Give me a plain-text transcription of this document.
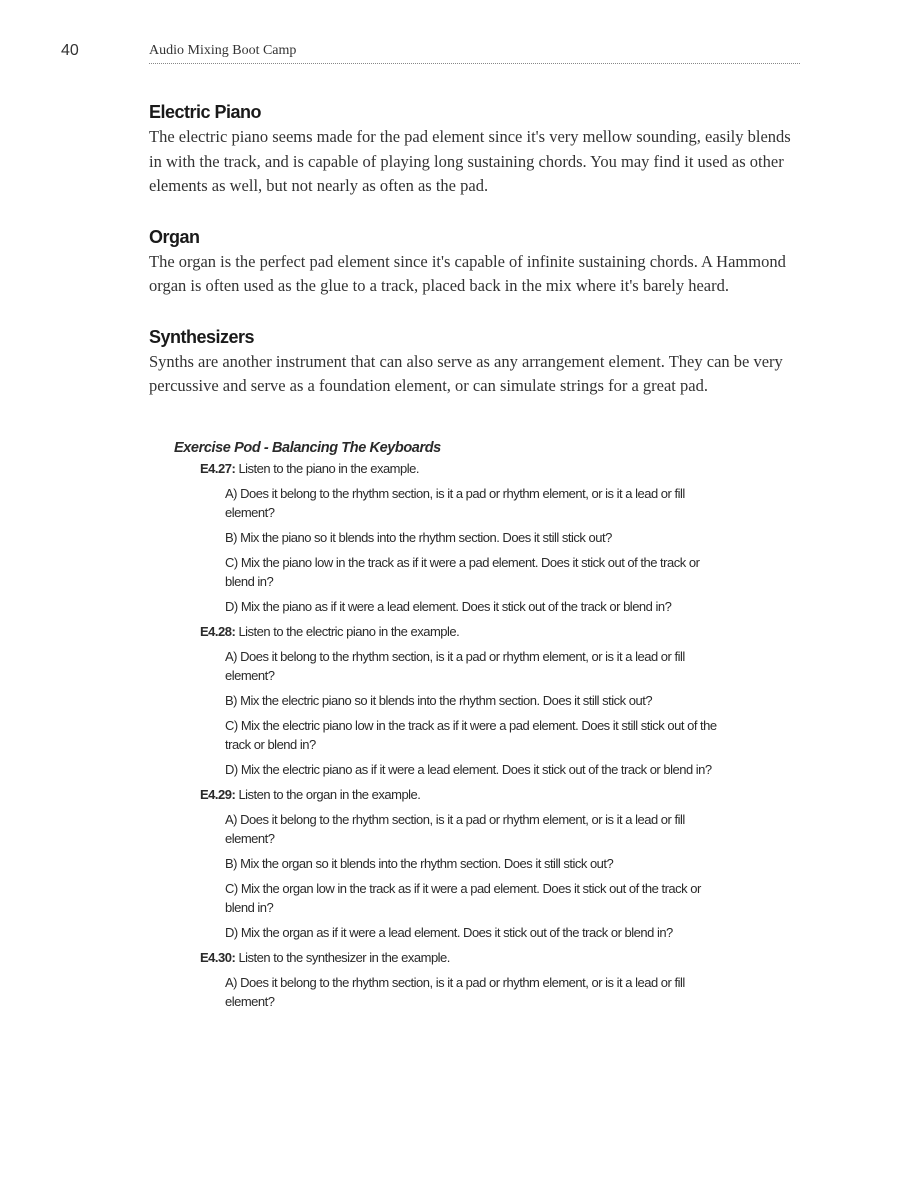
40	Audio Mixing Boot Camp
Electric Piano

The electric piano seems made for the pad element since it's very mellow sounding, easily blends in with the track, and is capable of playing long sustaining chords. You may find it used as other elements as well, but not nearly as often as the pad.

Organ

The organ is the perfect pad element since it's capable of infinite sustaining chords. A Hammond organ is often used as the glue to a track, placed back in the mix where it's barely heard.

Synthesizers

Synths are another instrument that can also serve as any arrangement element. They can be very percussive and serve as a foundation element, or can simulate strings for a great pad.

Exercise Pod - Balancing The Keyboards

E4.27: Listen to the piano in the example.

A) Does it belong to the rhythm section, is it a pad or rhythm element, or is it a lead or fill element?
B) Mix the piano so it blends into the rhythm section. Does it still stick out?
C) Mix the piano low in the track as if it were a pad element. Does it stick out of the track or blend in?
D) Mix the piano as if it were a lead element. Does it stick out of the track or blend in?

E4.28: Listen to the electric piano in the example.

A) Does it belong to the rhythm section, is it a pad or rhythm element, or is it a lead or fill element?
B) Mix the electric piano so it blends into the rhythm section. Does it still stick out?
C) Mix the electric piano low in the track as if it were a pad element. Does it still stick out of the track or blend in?
D) Mix the electric piano as if it were a lead element. Does it stick out of the track or blend in?

E4.29: Listen to the organ in the example.

A) Does it belong to the rhythm section, is it a pad or rhythm element, or is it a lead or fill element?
B) Mix the organ so it blends into the rhythm section. Does it still stick out?
C) Mix the organ low in the track as if it were a pad element. Does it stick out of the track or blend in?
D) Mix the organ as if it were a lead element. Does it stick out of the track or blend in?

E4.30: Listen to the synthesizer in the example.

A) Does it belong to the rhythm section, is it a pad or rhythm element, or is it a lead or fill element?
